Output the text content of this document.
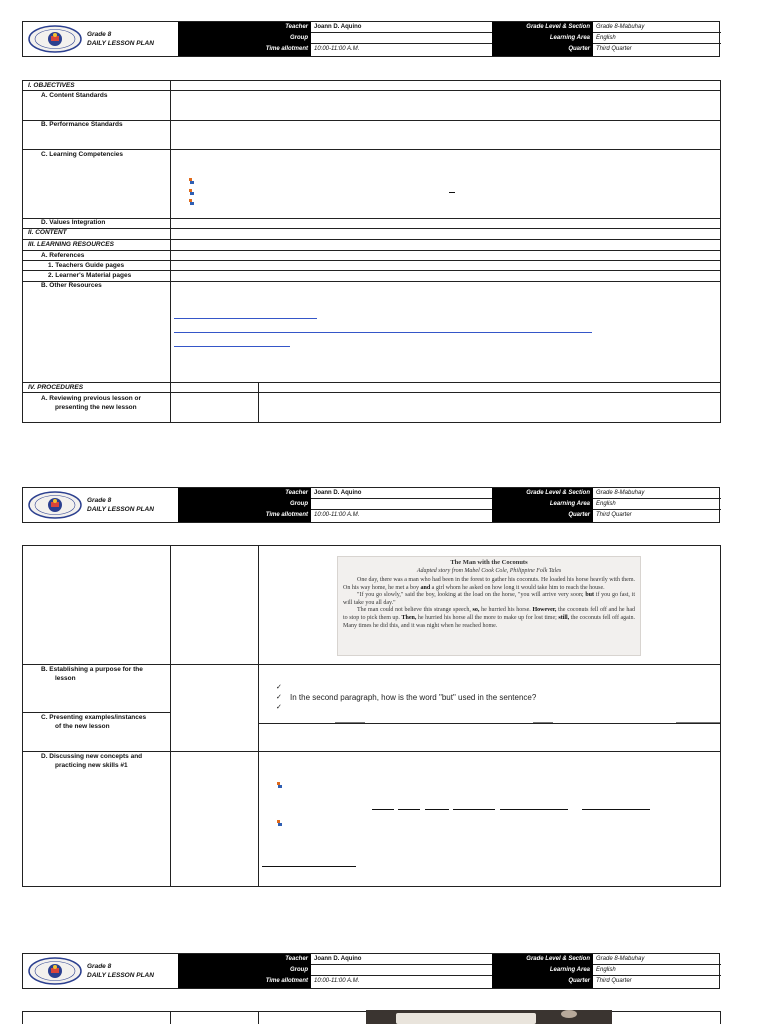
Grade 8
DAILY LESSON PLAN
Teacher
Group
Time allotment
Joann D. Aquino
10:00-11:00 A.M.
Grade Level & Section
Learning Area
Quarter
Grade 8-Mabuhay
English
Third Quarter
I. OBJECTIVES
A. Content Standards
B. Performance Standards
C. Learning Competencies
D. Values Integration
II. CONTENT
III. LEARNING RESOURCES
A. References
1. Teachers Guide pages
2. Learner's Material pages
B. Other Resources
IV. PROCEDURES
A. Reviewing previous lesson or
presenting the new lesson
Grade 8
DAILY LESSON PLAN
Teacher
Group
Time allotment
Joann D. Aquino
10:00-11:00 A.M.
Grade Level & Section
Learning Area
Quarter
Grade 8-Mabuhay
English
Third Quarter
The Man with the Coconuts
Adapted story from Mabel Cook Cole, Philippine Folk Tales

One day, there was a man who had been in the forest to gather his coconuts. He loaded his horse heavily with them. On his way home, he met a boy and a girl whom he asked on how long it would take him to reach the house.

"If you go slowly," said the boy, looking at the load on the horse, "you will arrive very soon; but if you go fast, it will take you all day."

The man could not believe this strange speech, so, he hurried his horse. However, the coconuts fell off and he had to stop to pick them up. Then, he hurried his horse all the more to make up for lost time; still, the coconuts fell off again. Many times he did this, and it was night when he reached home.

B. Establishing a purpose for the
lesson
C. Presenting examples/instances
of the new lesson
D. Discussing new concepts and
practicing new skills #1
✓
✓
✓
In the second paragraph, how is the word "but" used in the sentence?
Grade 8
DAILY LESSON PLAN
Teacher
Group
Time allotment
Joann D. Aquino
10:00-11:00 A.M.
Grade Level & Section
Learning Area
Quarter
Grade 8-Mabuhay
English
Third Quarter
